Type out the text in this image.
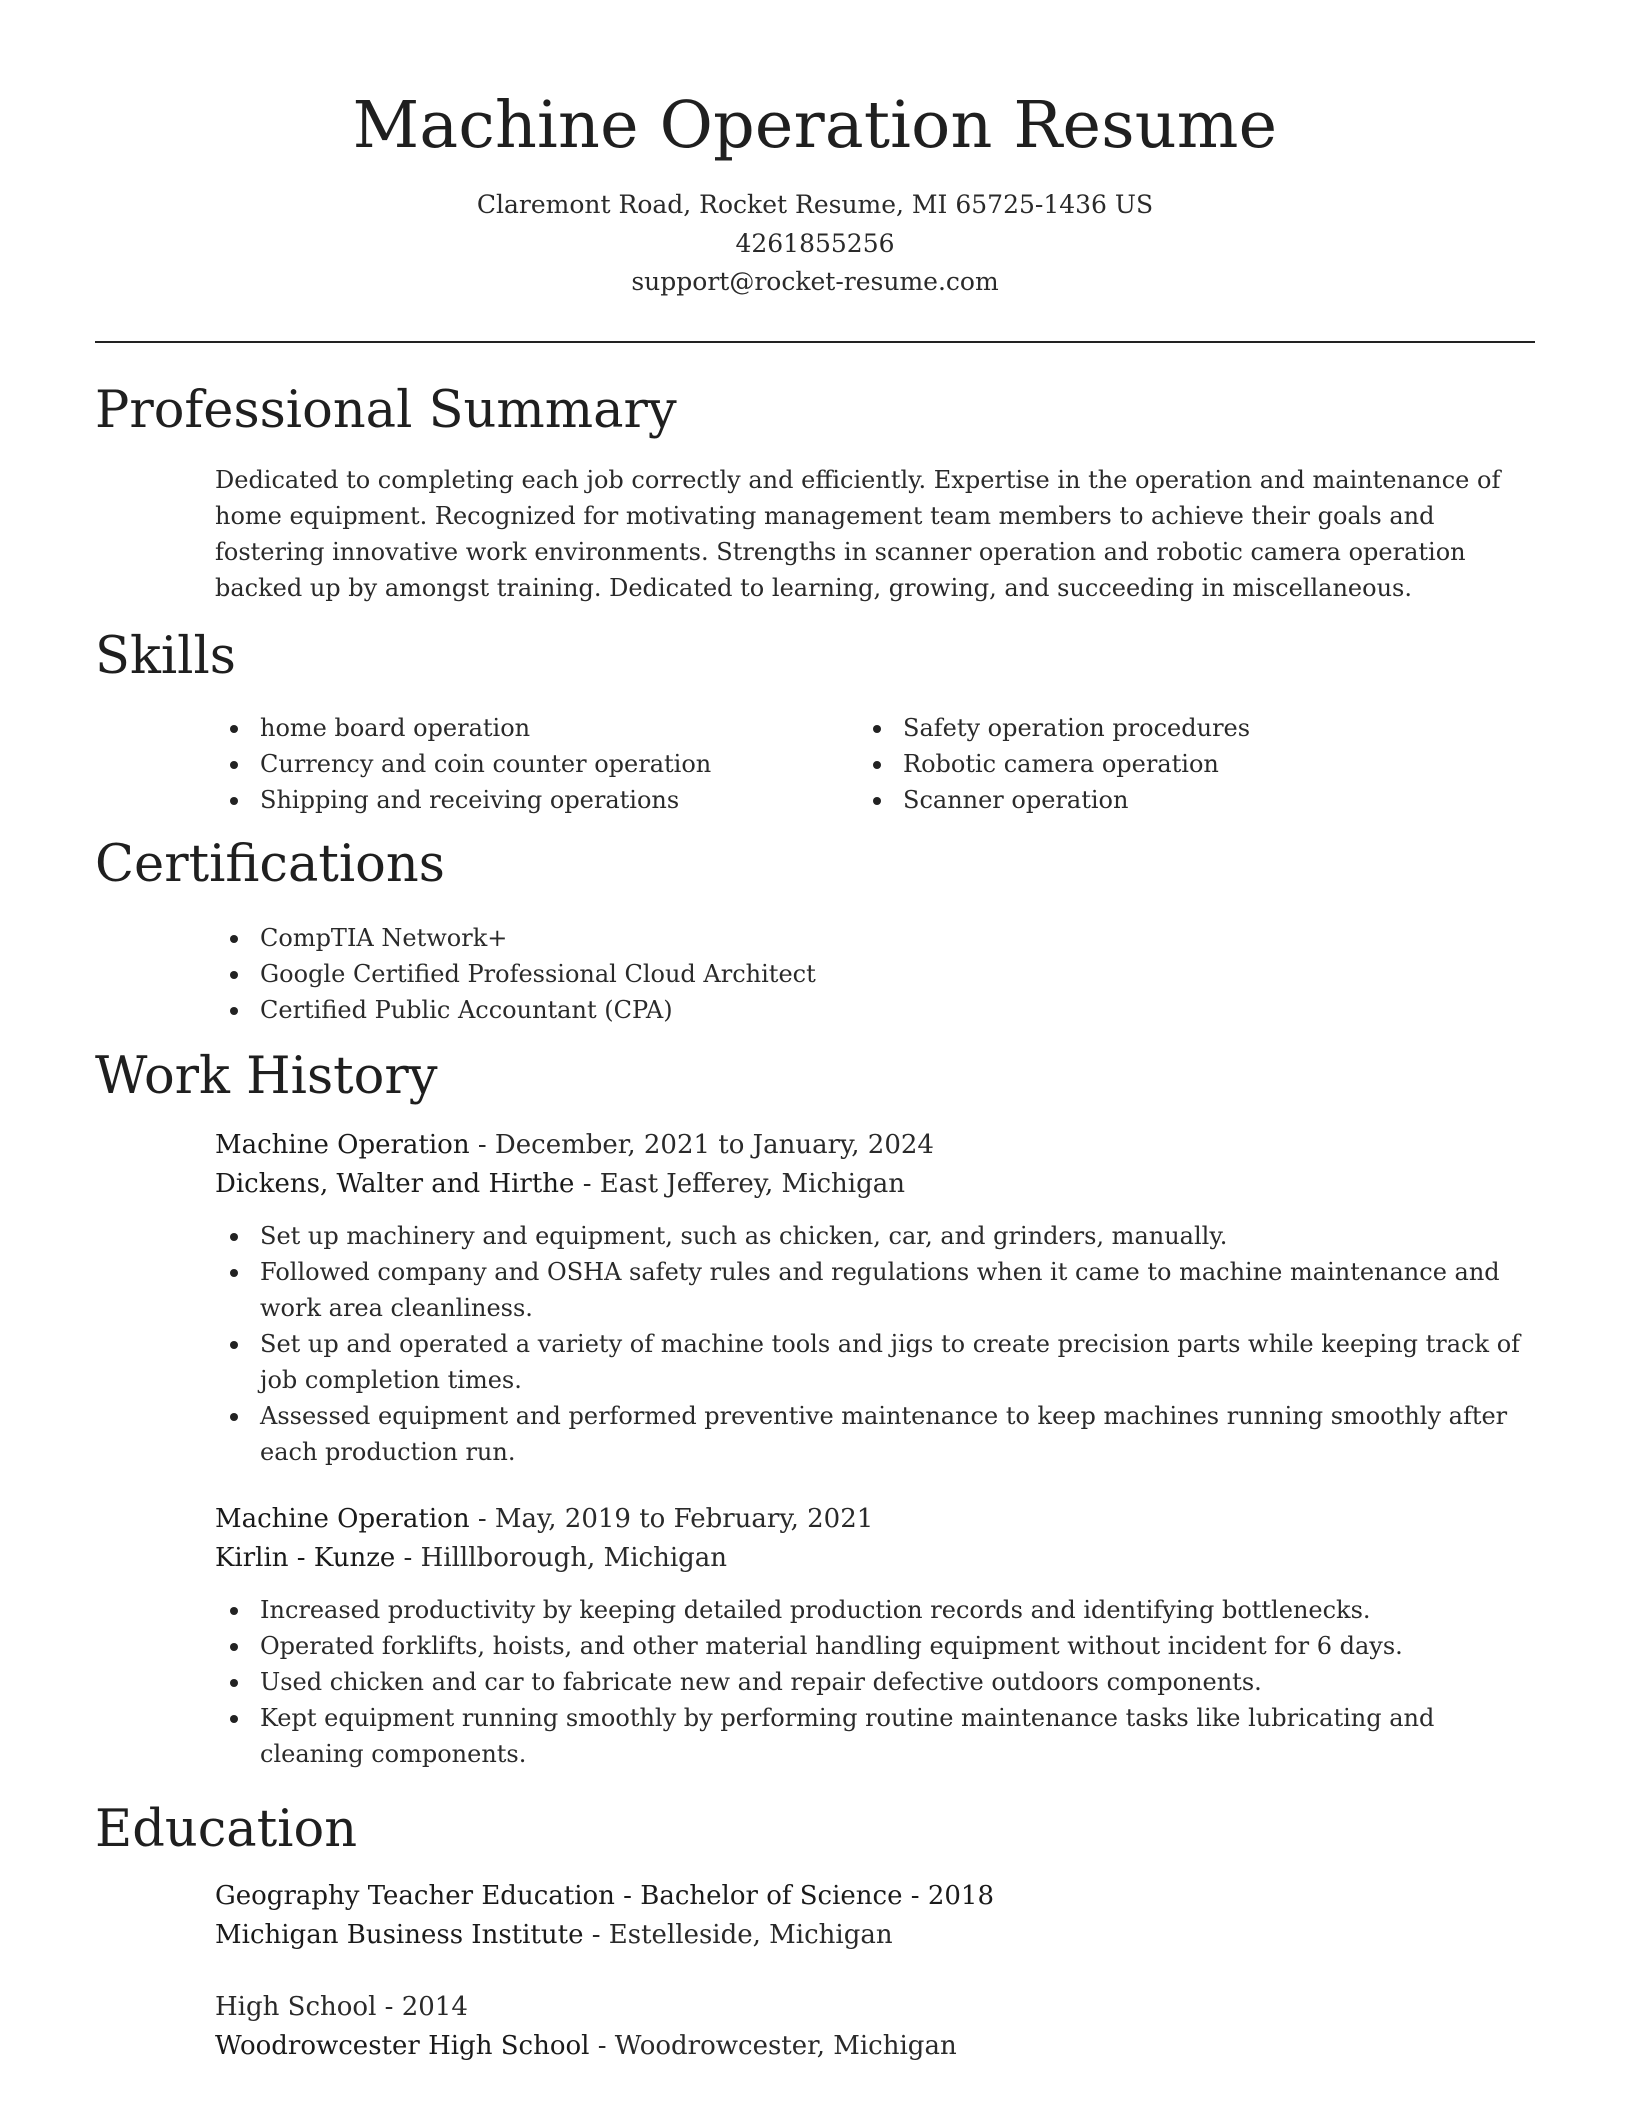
Machine Operation Resume
Claremont Road, Rocket Resume, MI 65725-1436 US
4261855256
support@rocket-resume.com
Professional Summary
Dedicated to completing each job correctly and efficiently. Expertise in the operation and maintenance of home equipment. Recognized for motivating management team members to achieve their goals and fostering innovative work environments. Strengths in scanner operation and robotic camera operation backed up by amongst training. Dedicated to learning, growing, and succeeding in miscellaneous.
Skills
home board operation
Currency and coin counter operation
Shipping and receiving operations
Safety operation procedures
Robotic camera operation
Scanner operation
Certifications
CompTIA Network+
Google Certified Professional Cloud Architect
Certified Public Accountant (CPA)
Work History
Machine Operation - December, 2021 to January, 2024
Dickens, Walter and Hirthe - East Jefferey, Michigan
Set up machinery and equipment, such as chicken, car, and grinders, manually.
Followed company and OSHA safety rules and regulations when it came to machine maintenance and work area cleanliness.
Set up and operated a variety of machine tools and jigs to create precision parts while keeping track of job completion times.
Assessed equipment and performed preventive maintenance to keep machines running smoothly after each production run.
Machine Operation - May, 2019 to February, 2021
Kirlin - Kunze - Hilllborough, Michigan
Increased productivity by keeping detailed production records and identifying bottlenecks.
Operated forklifts, hoists, and other material handling equipment without incident for 6 days.
Used chicken and car to fabricate new and repair defective outdoors components.
Kept equipment running smoothly by performing routine maintenance tasks like lubricating and cleaning components.
Education
Geography Teacher Education - Bachelor of Science - 2018
Michigan Business Institute - Estelleside, Michigan
High School - 2014
Woodrowcester High School - Woodrowcester, Michigan
